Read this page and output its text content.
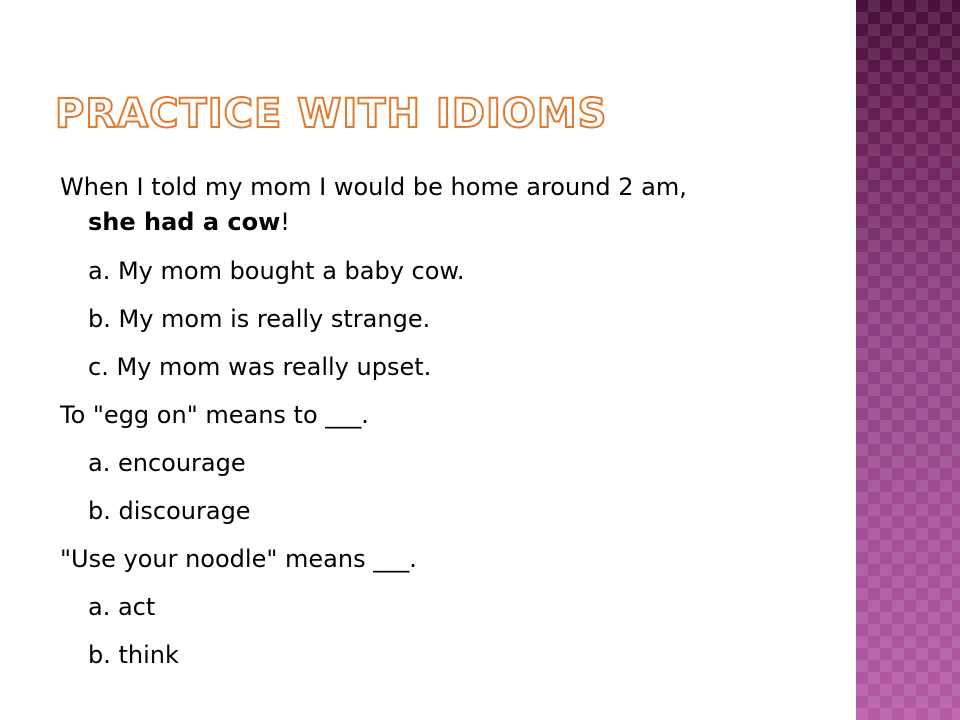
PRACTICE WITH IDIOMS
When I told my mom I would be home around 2 am,
she had a cow!
a. My mom bought a baby cow.
b. My mom is really strange.
c. My mom was really upset.
To "egg on" means to ___.
a. encourage
b. discourage
"Use your noodle" means ___.
a. act
b. think
